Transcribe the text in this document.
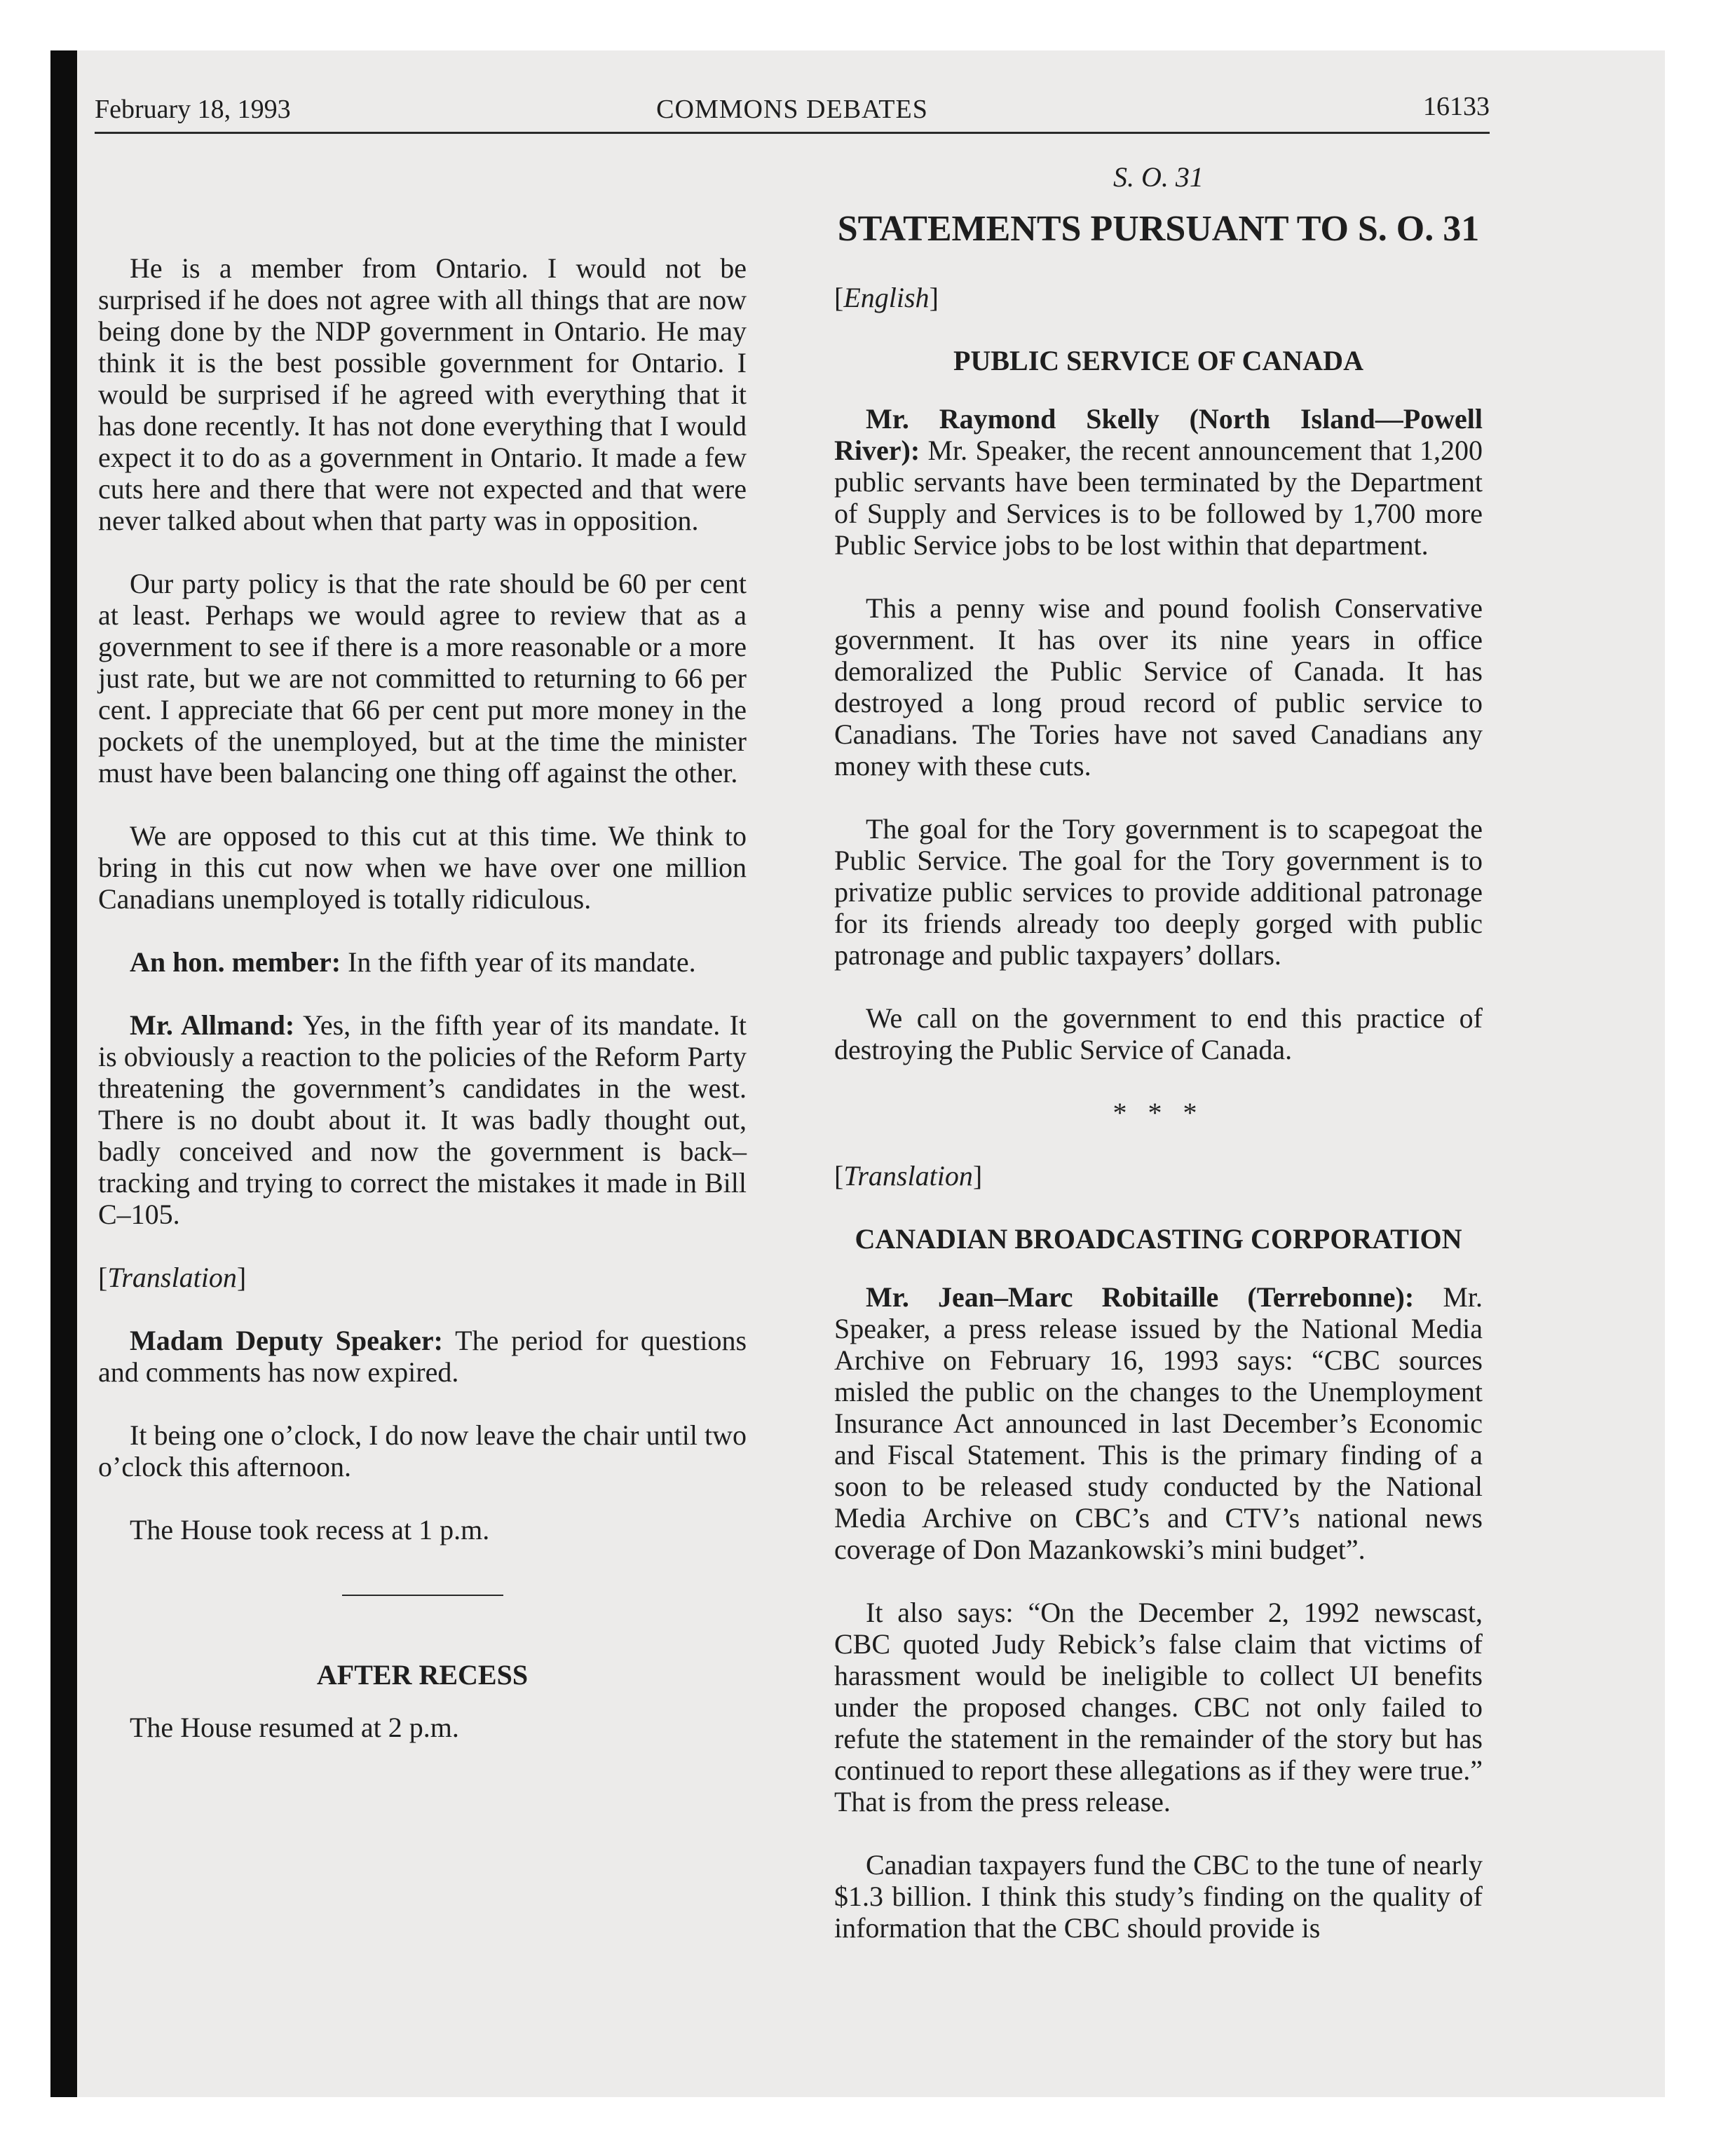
February 18, 1993	COMMONS DEBATES	16133

He is a member from Ontario. I would not be surprised if he does not agree with all things that are now being done by the NDP government in Ontario. He may think it is the best possible government for Ontario. I would be surprised if he agreed with everything that it has done recently. It has not done everything that I would expect it to do as a government in Ontario. It made a few cuts here and there that were not expected and that were never talked about when that party was in opposition.

Our party policy is that the rate should be 60 per cent at least. Perhaps we would agree to review that as a government to see if there is a more reasonable or a more just rate, but we are not committed to returning to 66 per cent. I appreciate that 66 per cent put more money in the pockets of the unemployed, but at the time the minister must have been balancing one thing off against the other.

We are opposed to this cut at this time. We think to bring in this cut now when we have over one million Canadians unemployed is totally ridiculous.

An hon. member: In the fifth year of its mandate.

Mr. Allmand: Yes, in the fifth year of its mandate. It is obviously a reaction to the policies of the Reform Party threatening the government’s candidates in the west. There is no doubt about it. It was badly thought out, badly conceived and now the government is back–tracking and trying to correct the mistakes it made in Bill C–105.

[Translation]

Madam Deputy Speaker: The period for questions and comments has now expired.

It being one o’clock, I do now leave the chair until two o’clock this afternoon.

The House took recess at 1 p.m.

AFTER RECESS

The House resumed at 2 p.m.

S. O. 31

STATEMENTS PURSUANT TO S. O. 31

[English]

PUBLIC SERVICE OF CANADA

Mr. Raymond Skelly (North Island—Powell River): Mr. Speaker, the recent announcement that 1,200 public servants have been terminated by the Department of Supply and Services is to be followed by 1,700 more Public Service jobs to be lost within that department.

This a penny wise and pound foolish Conservative government. It has over its nine years in office demoralized the Public Service of Canada. It has destroyed a long proud record of public service to Canadians. The Tories have not saved Canadians any money with these cuts.

The goal for the Tory government is to scapegoat the Public Service. The goal for the Tory government is to privatize public services to provide additional patronage for its friends already too deeply gorged with public patronage and public taxpayers’ dollars.

We call on the government to end this practice of destroying the Public Service of Canada.

* * *

[Translation]

CANADIAN BROADCASTING CORPORATION

Mr. Jean–Marc Robitaille (Terrebonne): Mr. Speaker, a press release issued by the National Media Archive on February 16, 1993 says: “CBC sources misled the public on the changes to the Unemployment Insurance Act announced in last December’s Economic and Fiscal Statement. This is the primary finding of a soon to be released study conducted by the National Media Archive on CBC’s and CTV’s national news coverage of Don Mazankowski’s mini budget”.

It also says: “On the December 2, 1992 newscast, CBC quoted Judy Rebick’s false claim that victims of harassment would be ineligible to collect UI benefits under the proposed changes. CBC not only failed to refute the statement in the remainder of the story but has continued to report these allegations as if they were true.” That is from the press release.

Canadian taxpayers fund the CBC to the tune of nearly $1.3 billion. I think this study’s finding on the quality of information that the CBC should provide is
